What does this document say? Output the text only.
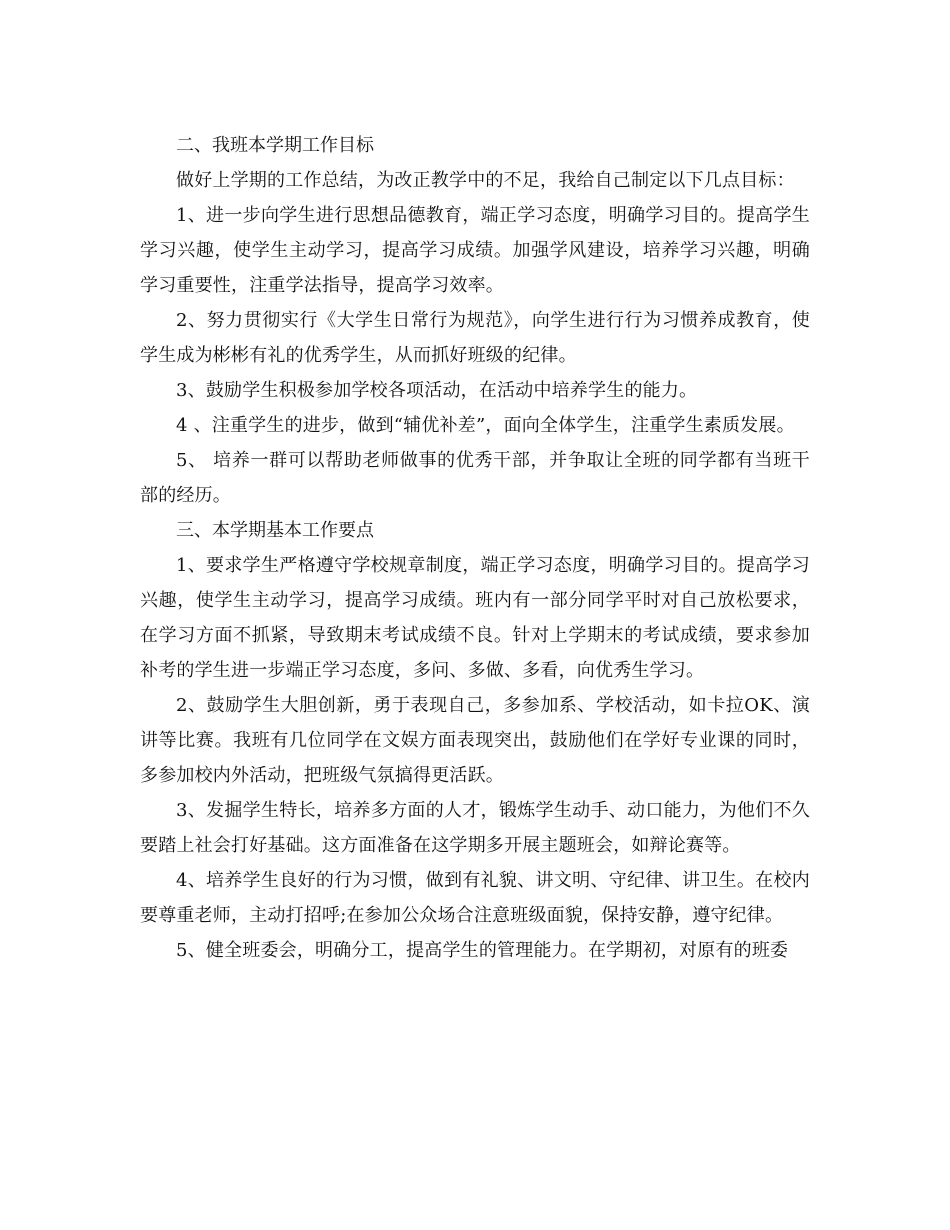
二、我班本学期工作目标

做好上学期的工作总结，为改正教学中的不足，我给自己制定以下几点目标：

1、进一步向学生进行思想品德教育，端正学习态度，明确学习目的。提高学生学习兴趣，使学生主动学习，提高学习成绩。加强学风建设，培养学习兴趣，明确学习重要性，注重学法指导，提高学习效率。

2、努力贯彻实行《大学生日常行为规范》，向学生进行行为习惯养成教育，使学生成为彬彬有礼的优秀学生，从而抓好班级的纪律。

3、鼓励学生积极参加学校各项活动，在活动中培养学生的能力。

4 、注重学生的进步，做到“辅优补差”，面向全体学生，注重学生素质发展。

5、 培养一群可以帮助老师做事的优秀干部，并争取让全班的同学都有当班干部的经历。

三、本学期基本工作要点

1、要求学生严格遵守学校规章制度，端正学习态度，明确学习目的。提高学习兴趣，使学生主动学习，提高学习成绩。班内有一部分同学平时对自己放松要求，在学习方面不抓紧，导致期末考试成绩不良。针对上学期末的考试成绩，要求参加补考的学生进一步端正学习态度，多问、多做、多看，向优秀生学习。

2、鼓励学生大胆创新，勇于表现自己，多参加系、学校活动，如卡拉OK、演讲等比赛。我班有几位同学在文娱方面表现突出，鼓励他们在学好专业课的同时，多参加校内外活动，把班级气氛搞得更活跃。

3、发掘学生特长，培养多方面的人才，锻炼学生动手、动口能力，为他们不久要踏上社会打好基础。这方面准备在这学期多开展主题班会，如辩论赛等。

4、培养学生良好的行为习惯，做到有礼貌、讲文明、守纪律、讲卫生。在校内要尊重老师，主动打招呼;在参加公众场合注意班级面貌，保持安静，遵守纪律。

5、健全班委会，明确分工，提高学生的管理能力。在学期初，对原有的班委
